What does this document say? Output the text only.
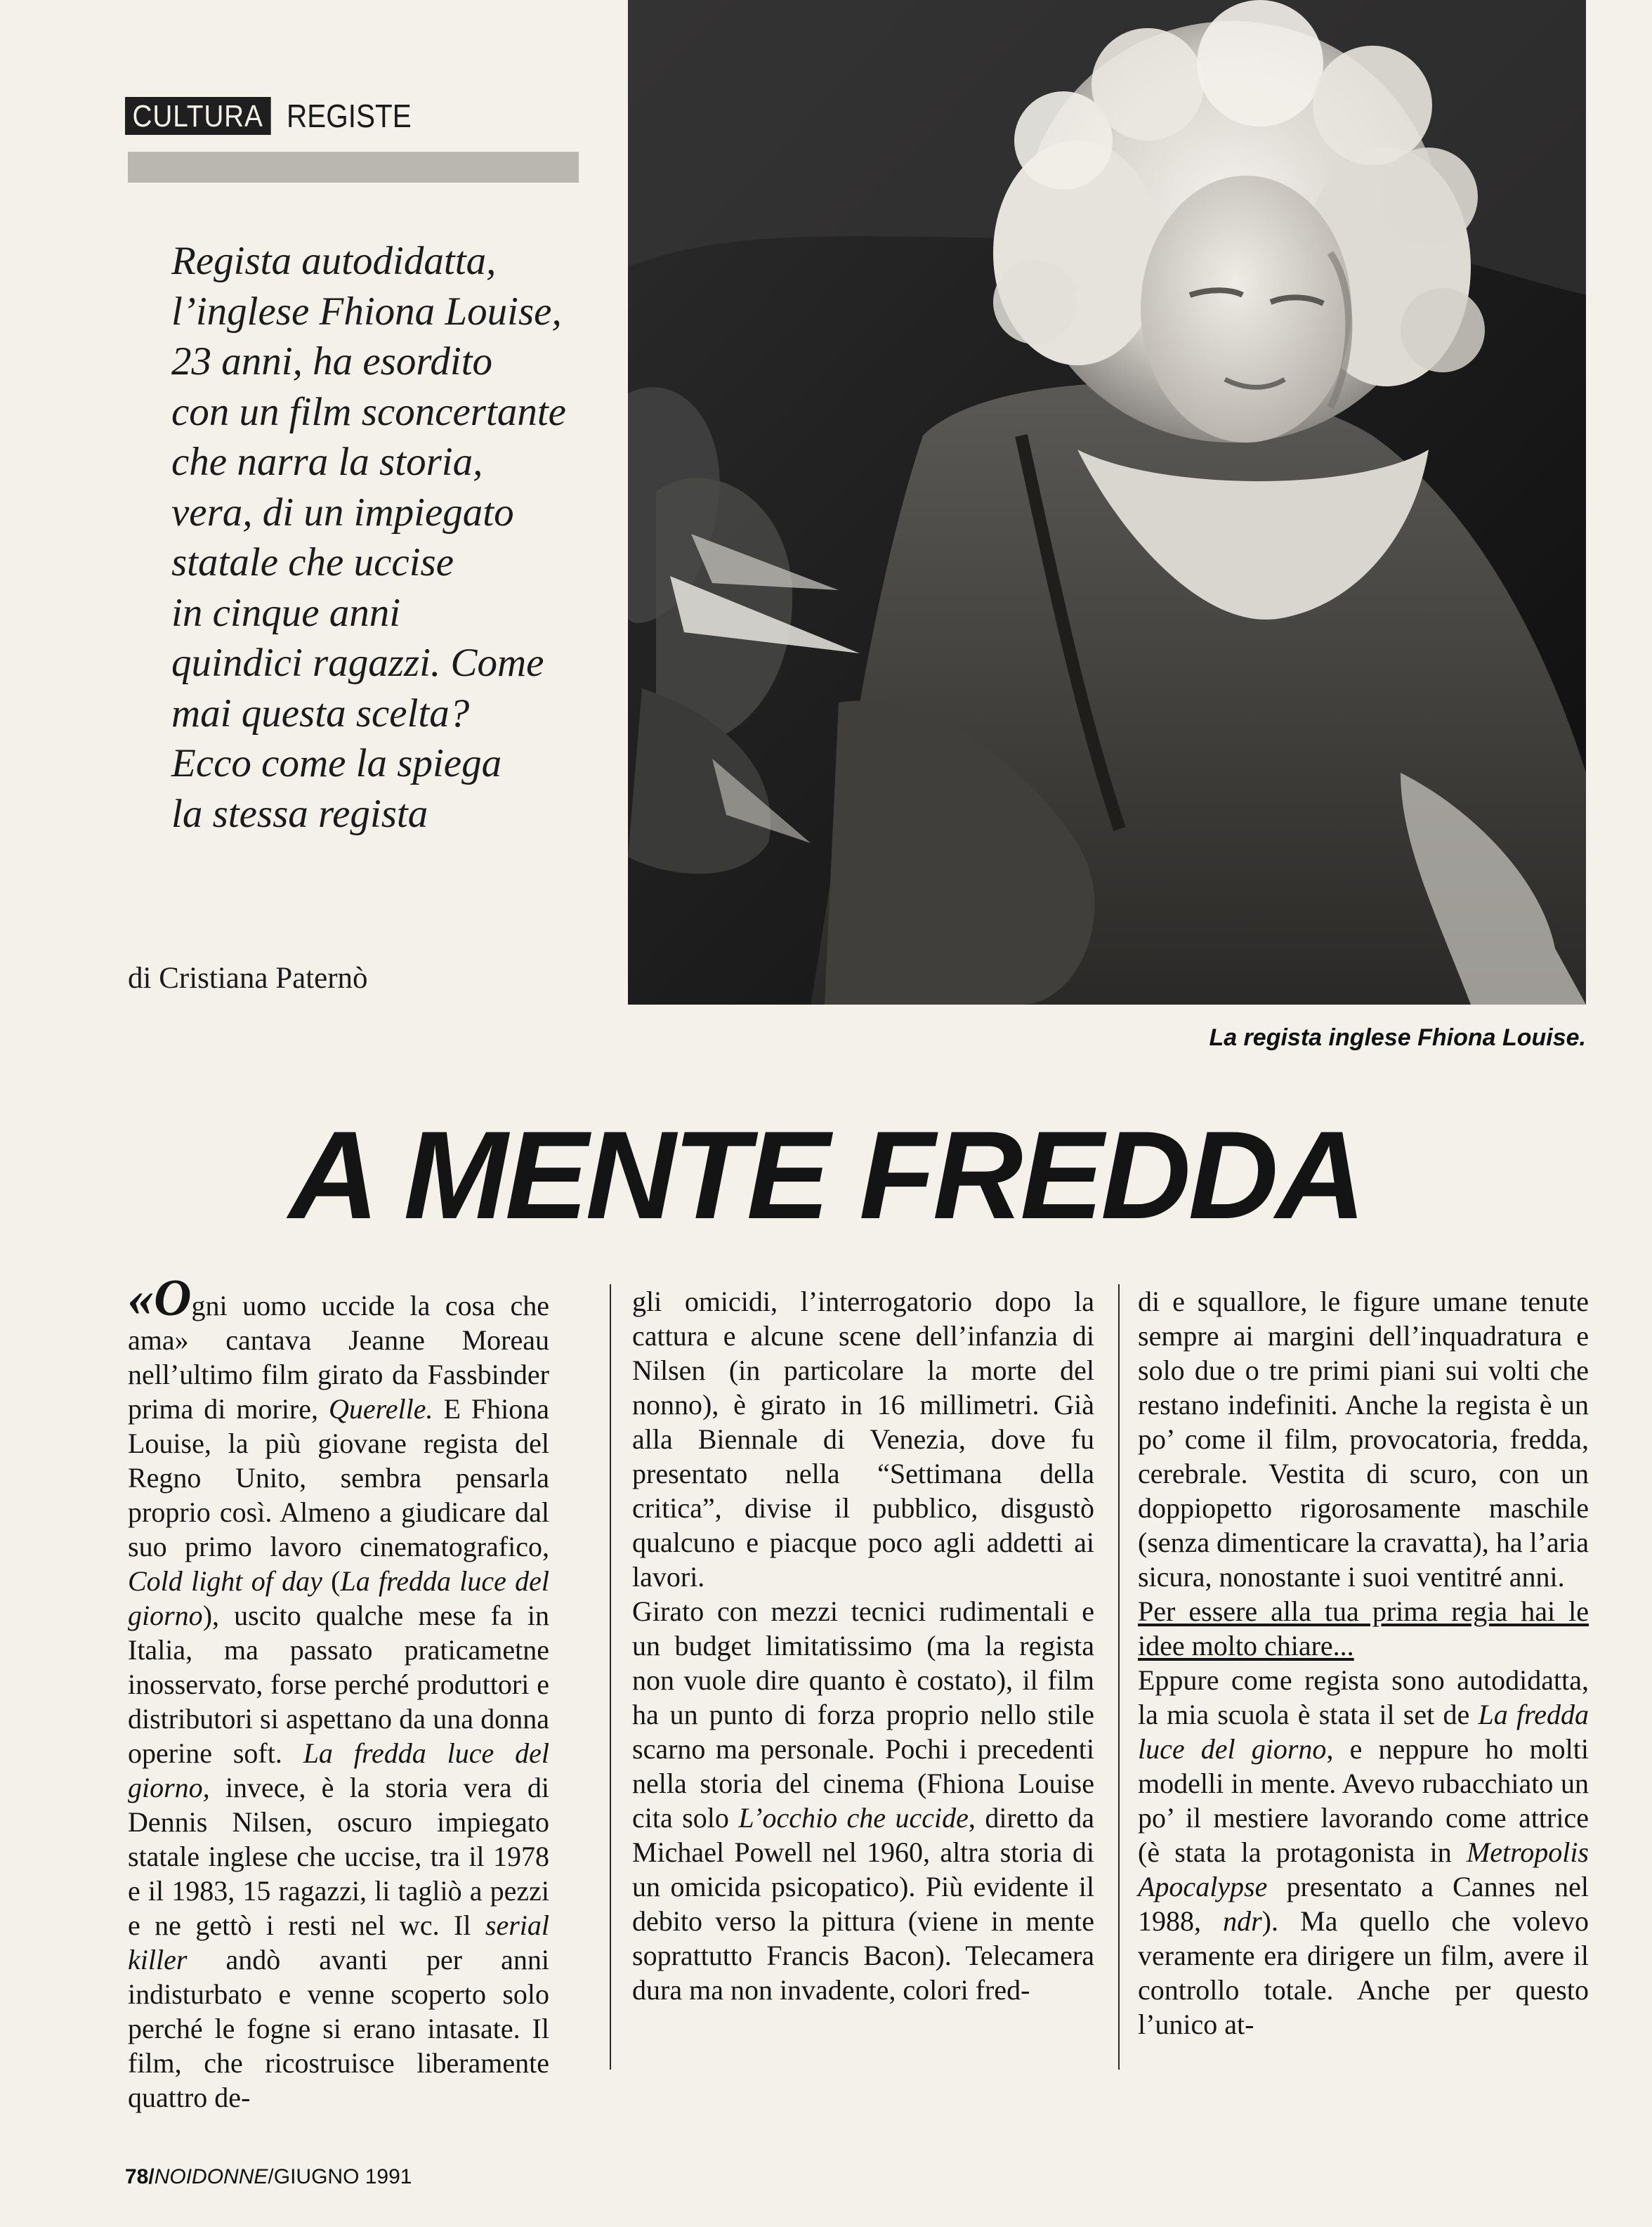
CULTURA REGISTE

Regista autodidatta,

l’inglese Fhiona Louise,

23 anni, ha esordito

con un film sconcertante

che narra la storia,

vera, di un impiegato

statale che uccise

in cinque anni

quindici ragazzi. Come

mai questa scelta?

Ecco come la spiega

la stessa regista

di Cristiana Paternò
La regista inglese Fhiona Louise.
A MENTE FREDDA

«Ogni uomo uccide la cosa che ama» cantava Jeanne Moreau nell’ultimo film girato da Fassbinder prima di morire, Querelle. E Fhiona Louise, la più giovane regista del Regno Unito, sembra pensarla proprio così. Almeno a giudicare dal suo primo lavoro cinematografico, Cold light of day (La fredda luce del giorno), uscito qualche mese fa in Italia, ma passato praticametne inosservato, forse perché produttori e distributori si aspettano da una donna operine soft. La fredda luce del giorno, invece, è la storia vera di Dennis Nilsen, oscuro impiegato statale inglese che uccise, tra il 1978 e il 1983, 15 ragazzi, li tagliò a pezzi e ne gettò i resti nel wc. Il serial killer andò avanti per anni indisturbato e venne scoperto solo perché le fogne si erano intasate. Il film, che ricostruisce liberamente quattro de-

gli omicidi, l’interrogatorio dopo la cattura e alcune scene dell’infanzia di Nilsen (in particolare la morte del nonno), è girato in 16 millimetri. Già alla Biennale di Venezia, dove fu presentato nella “Settimana della critica”, divise il pubblico, disgustò qualcuno e piacque poco agli addetti ai lavori.

Girato con mezzi tecnici rudimentali e un budget limitatissimo (ma la regista non vuole dire quanto è costato), il film ha un punto di forza proprio nello stile scarno ma personale. Pochi i precedenti nella storia del cinema (Fhiona Louise cita solo L’occhio che uccide, diretto da Michael Powell nel 1960, altra storia di un omicida psicopatico). Più evidente il debito verso la pittura (viene in mente soprattutto Francis Bacon). Telecamera dura ma non invadente, colori fred-

di e squallore, le figure umane tenute sempre ai margini dell’inquadratura e solo due o tre primi piani sui volti che restano indefiniti. Anche la regista è un po’ come il film, provocatoria, fredda, cerebrale. Vestita di scuro, con un doppiopetto rigorosamente maschile (senza dimenticare la cravatta), ha l’aria sicura, nonostante i suoi ventitré anni.

Per essere alla tua prima regia hai le idee molto chiare...

Eppure come regista sono autodidatta, la mia scuola è stata il set de La fredda luce del giorno, e neppure ho molti modelli in mente. Avevo rubacchiato un po’ il mestiere lavorando come attrice (è stata la protagonista in Metropolis Apocalypse presentato a Cannes nel 1988, ndr). Ma quello che volevo veramente era dirigere un film, avere il controllo totale. Anche per questo l’unico at-

78/NOIDONNE/GIUGNO 1991
